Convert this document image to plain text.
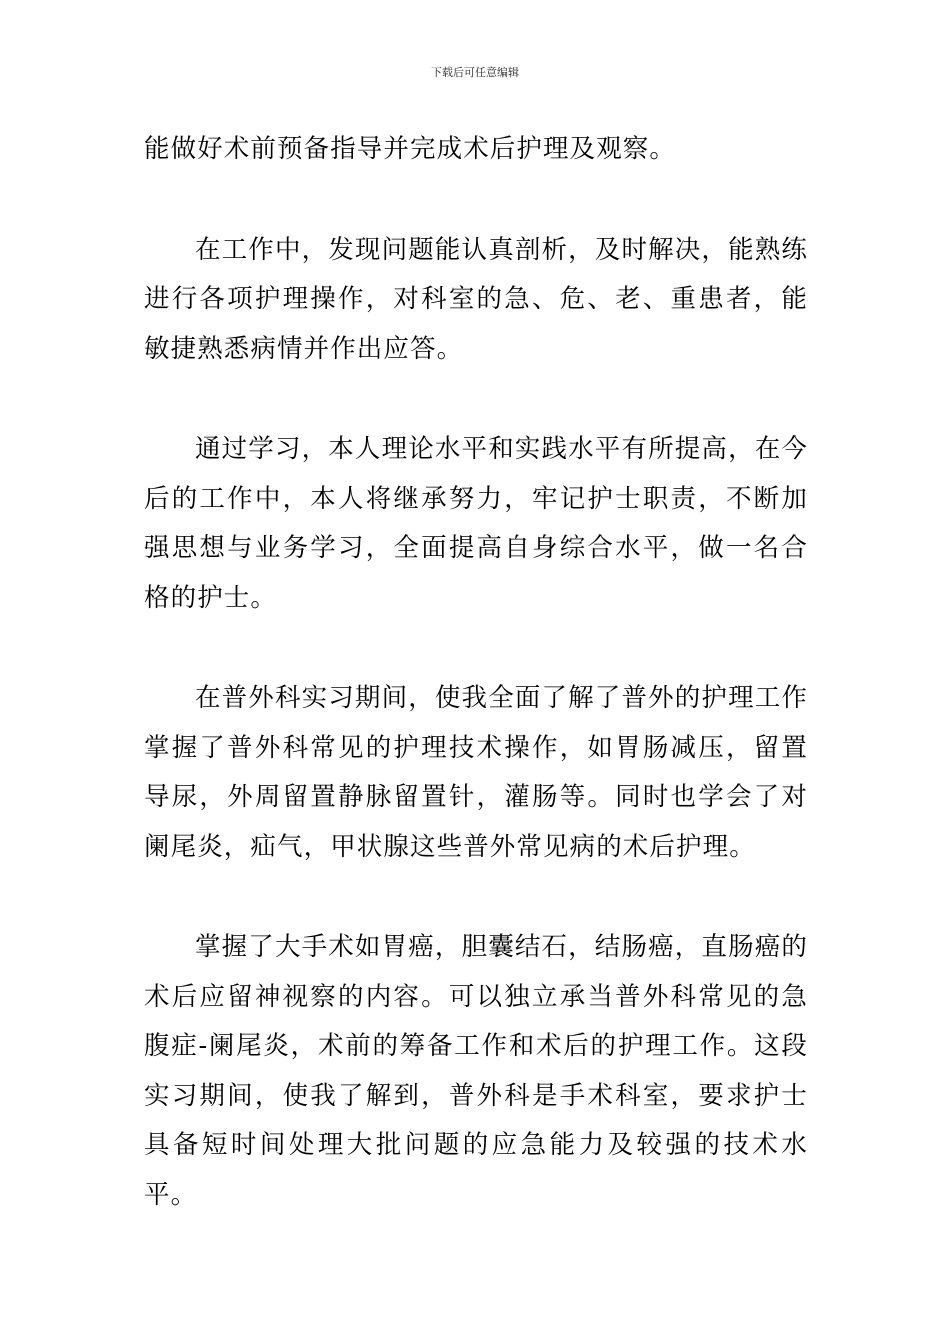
下载后可任意编辑

能做好术前预备指导并完成术后护理及观察。

在工作中，发现问题能认真剖析，及时解决，能熟练进行各项护理操作，对科室的急、危、老、重患者，能敏捷熟悉病情并作出应答。

通过学习，本人理论水平和实践水平有所提高，在今后的工作中，本人将继承努力，牢记护士职责，不断加强思想与业务学习，全面提高自身综合水平，做一名合格的护士。

在普外科实习期间，使我全面了解了普外的护理工作掌握了普外科常见的护理技术操作，如胃肠减压，留置导尿，外周留置静脉留置针，灌肠等。同时也学会了对阑尾炎，疝气，甲状腺这些普外常见病的术后护理。

掌握了大手术如胃癌，胆囊结石，结肠癌，直肠癌的术后应留神视察的内容。可以独立承当普外科常见的急腹症-阑尾炎，术前的筹备工作和术后的护理工作。这段实习期间，使我了解到，普外科是手术科室，要求护士具备短时间处理大批问题的应急能力及较强的技术水平。
